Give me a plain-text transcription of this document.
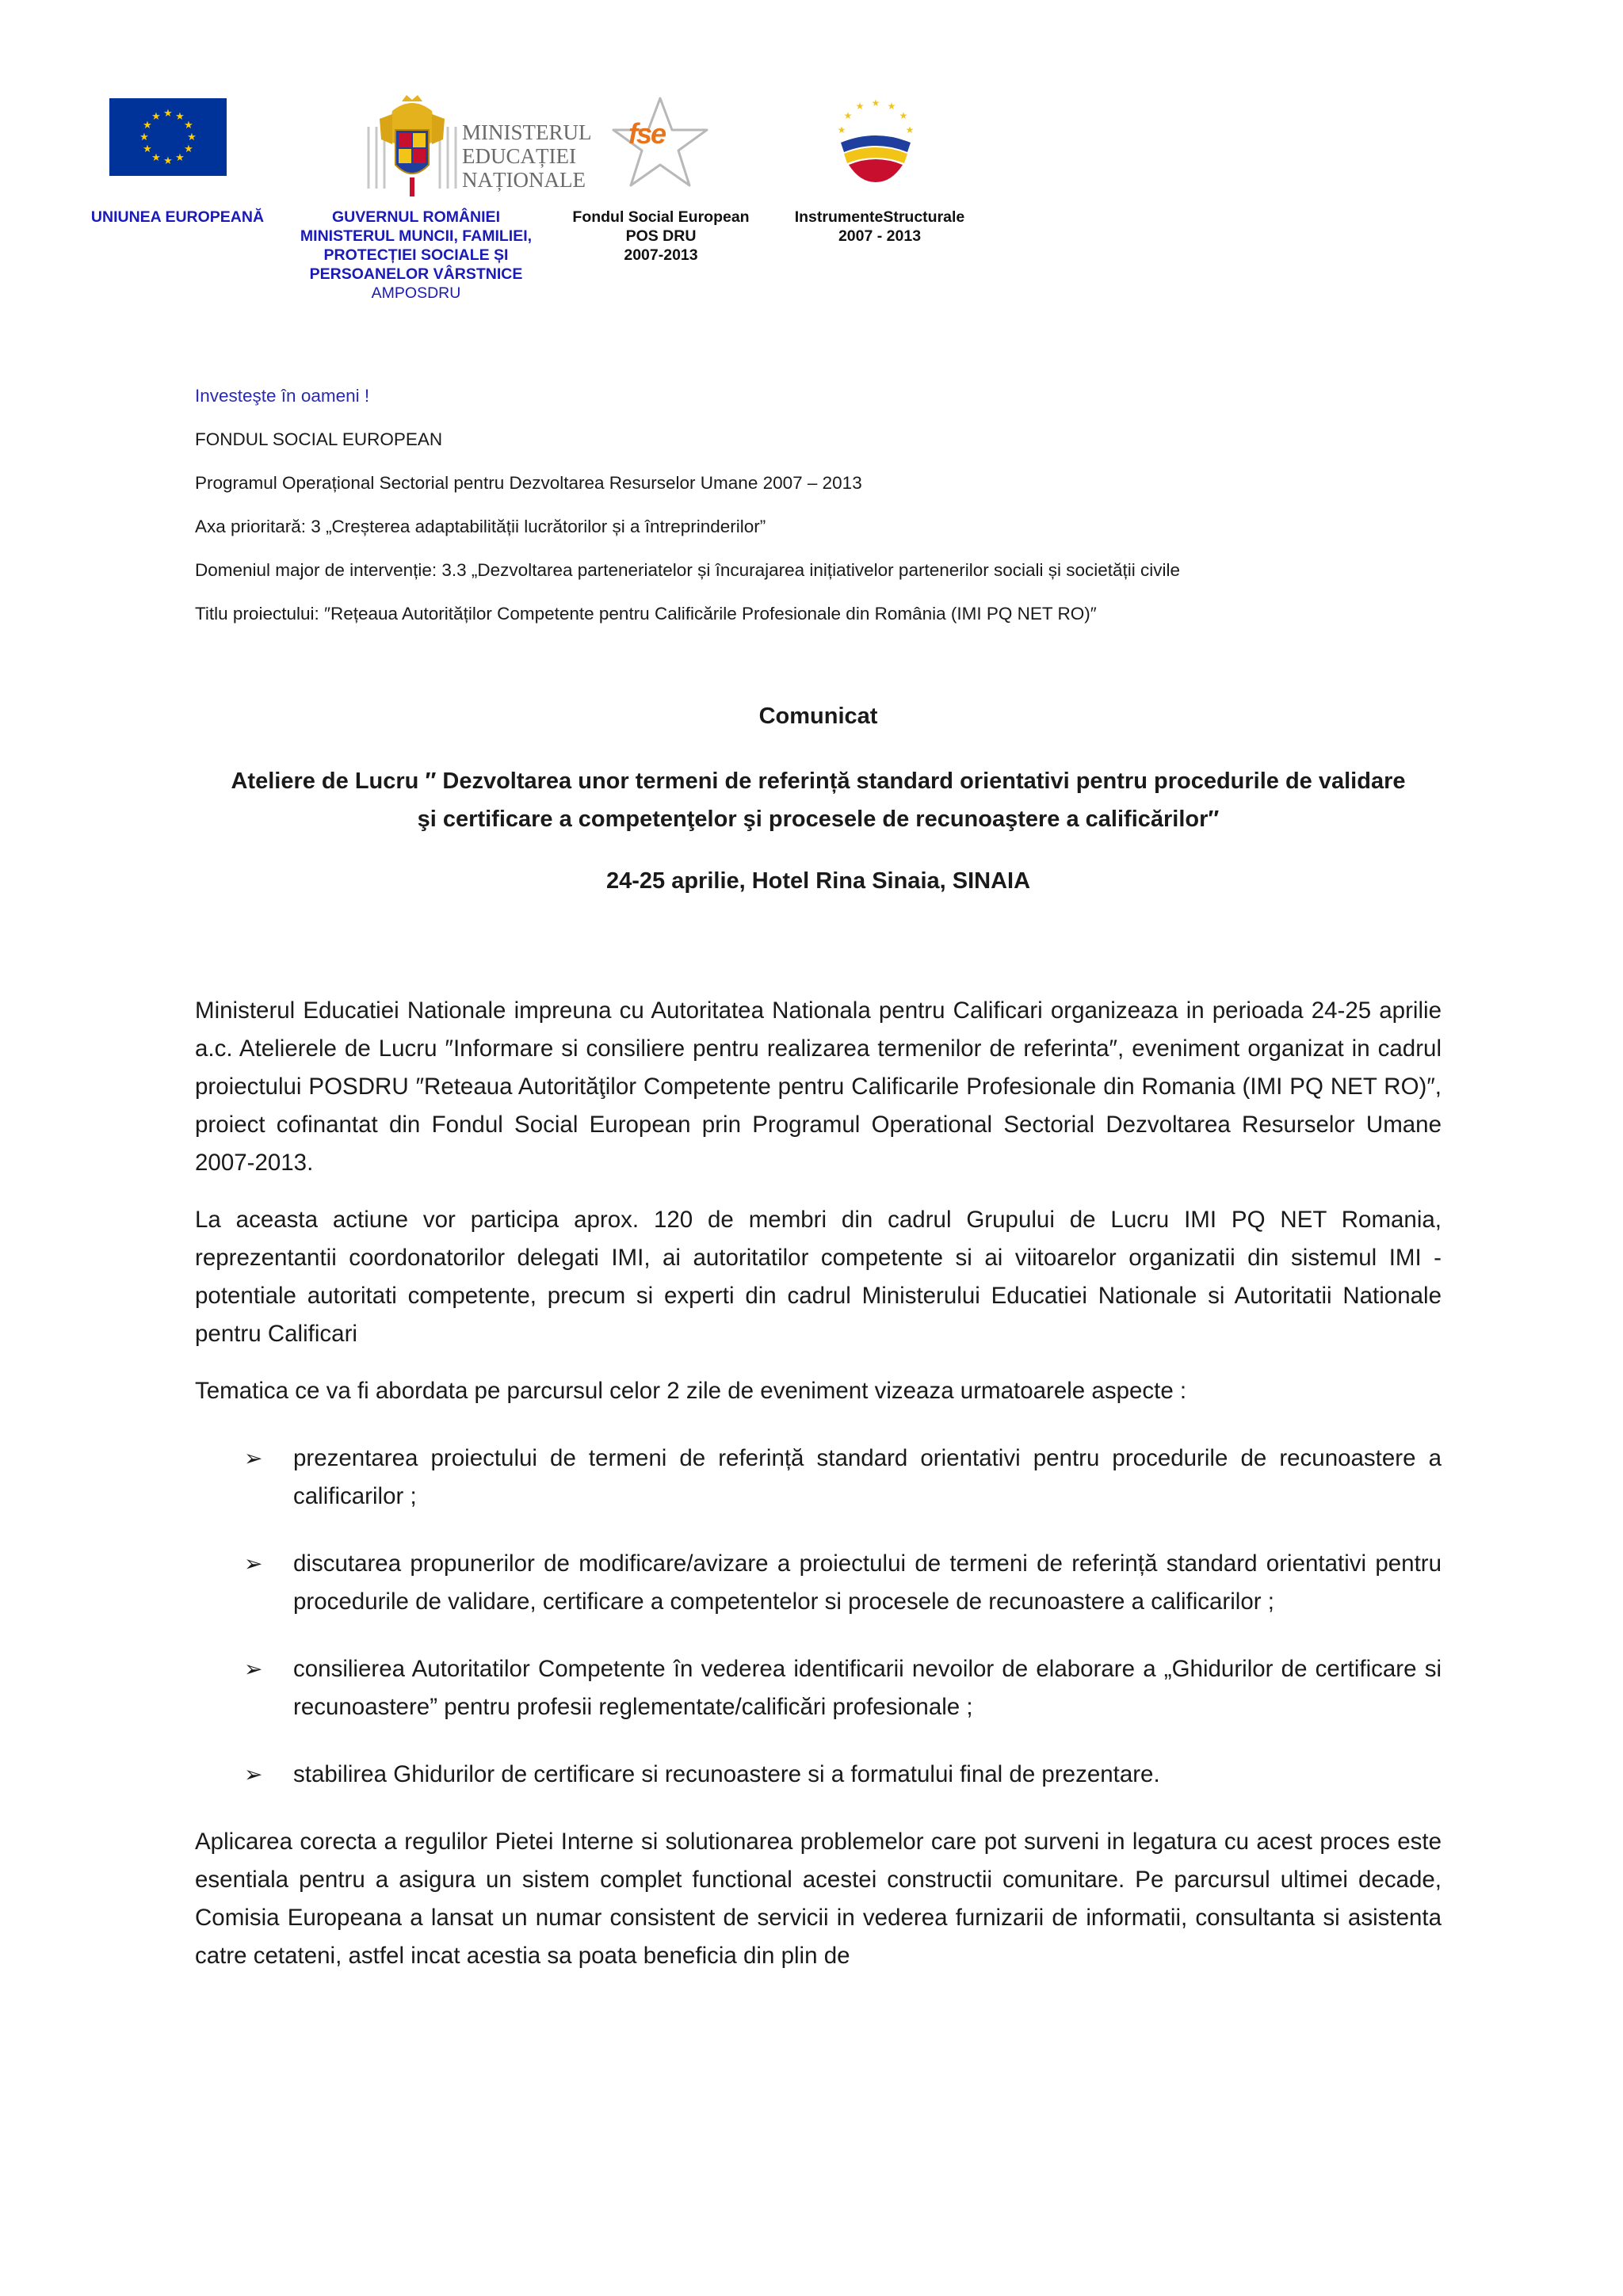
★ ★
★
★
★
★
★
★
★
★
★
★
UNIUNEA EUROPEANĂ
MINISTERUL
EDUCAȚIEI
NAȚIONALE
GUVERNUL ROMÂNIEI
MINISTERUL MUNCII, FAMILIEI,
PROTECȚIEI SOCIALE ȘI
PERSOANELOR VÂRSTNICE
AMPOSDRU
fse
Fondul Social European
POS DRU
2007-2013
★ ★
★
★
★
★
★
InstrumenteStructurale
2007 - 2013
Investeşte în oameni !
FONDUL SOCIAL EUROPEAN
Programul Operațional Sectorial pentru Dezvoltarea Resurselor Umane 2007 – 2013
Axa prioritară: 3 „Creșterea adaptabilității lucrătorilor și a întreprinderilor”
Domeniul major de intervenție: 3.3 „Dezvoltarea parteneriatelor și încurajarea inițiativelor partenerilor sociali și societății civile
Titlu proiectului: ″Rețeaua Autorităților Competente pentru Calificările Profesionale din România (IMI PQ NET RO)″
Comunicat
Ateliere de Lucru ″ Dezvoltarea unor termeni de referință standard orientativi pentru procedurile de validare
şi certificare a competenţelor şi procesele de recunoaştere a calificărilor″
24-25 aprilie, Hotel Rina Sinaia, SINAIA

Ministerul Educatiei Nationale impreuna cu Autoritatea Nationala pentru Calificari organizeaza in perioada 24-25 aprilie a.c. Atelierele de Lucru ″Informare si consiliere pentru realizarea termenilor de referinta″, eveniment organizat in cadrul proiectului POSDRU ″Reteaua Autorităţilor Competente pentru Calificarile Profesionale din Romania (IMI PQ NET RO)″, proiect cofinantat din Fondul Social European prin Programul Operational Sectorial Dezvoltarea Resurselor Umane 2007-2013.

La aceasta actiune vor participa aprox. 120 de membri din cadrul Grupului de Lucru IMI PQ NET Romania, reprezentantii coordonatorilor delegati IMI, ai autoritatilor competente si ai viitoarelor organizatii din sistemul IMI - potentiale autoritati competente, precum si experti din cadrul Ministerului Educatiei Nationale si Autoritatii Nationale pentru Calificari

Tematica ce va fi abordata pe parcursul celor 2 zile de eveniment vizeaza urmatoarele aspecte :

➢ prezentarea proiectului de termeni de referință standard orientativi pentru procedurile de recunoastere a calificarilor ;
➢ discutarea propunerilor de modificare/avizare a proiectului de termeni de referință standard orientativi pentru procedurile de validare, certificare a competentelor si procesele de recunoastere a calificarilor ;
➢ consilierea Autoritatilor Competente în vederea identificarii nevoilor de elaborare a „Ghidurilor de certificare si recunoastere” pentru profesii reglementate/calificări profesionale ;
➢ stabilirea Ghidurilor de certificare si recunoastere si a formatului final de prezentare.

Aplicarea corecta a regulilor Pietei Interne si solutionarea problemelor care pot surveni in legatura cu acest proces este esentiala pentru a asigura un sistem complet functional acestei constructii comunitare. Pe parcursul ultimei decade, Comisia Europeana a lansat un numar consistent de servicii in vederea furnizarii de informatii, consultanta si asistenta catre cetateni, astfel incat acestia sa poata beneficia din plin de
